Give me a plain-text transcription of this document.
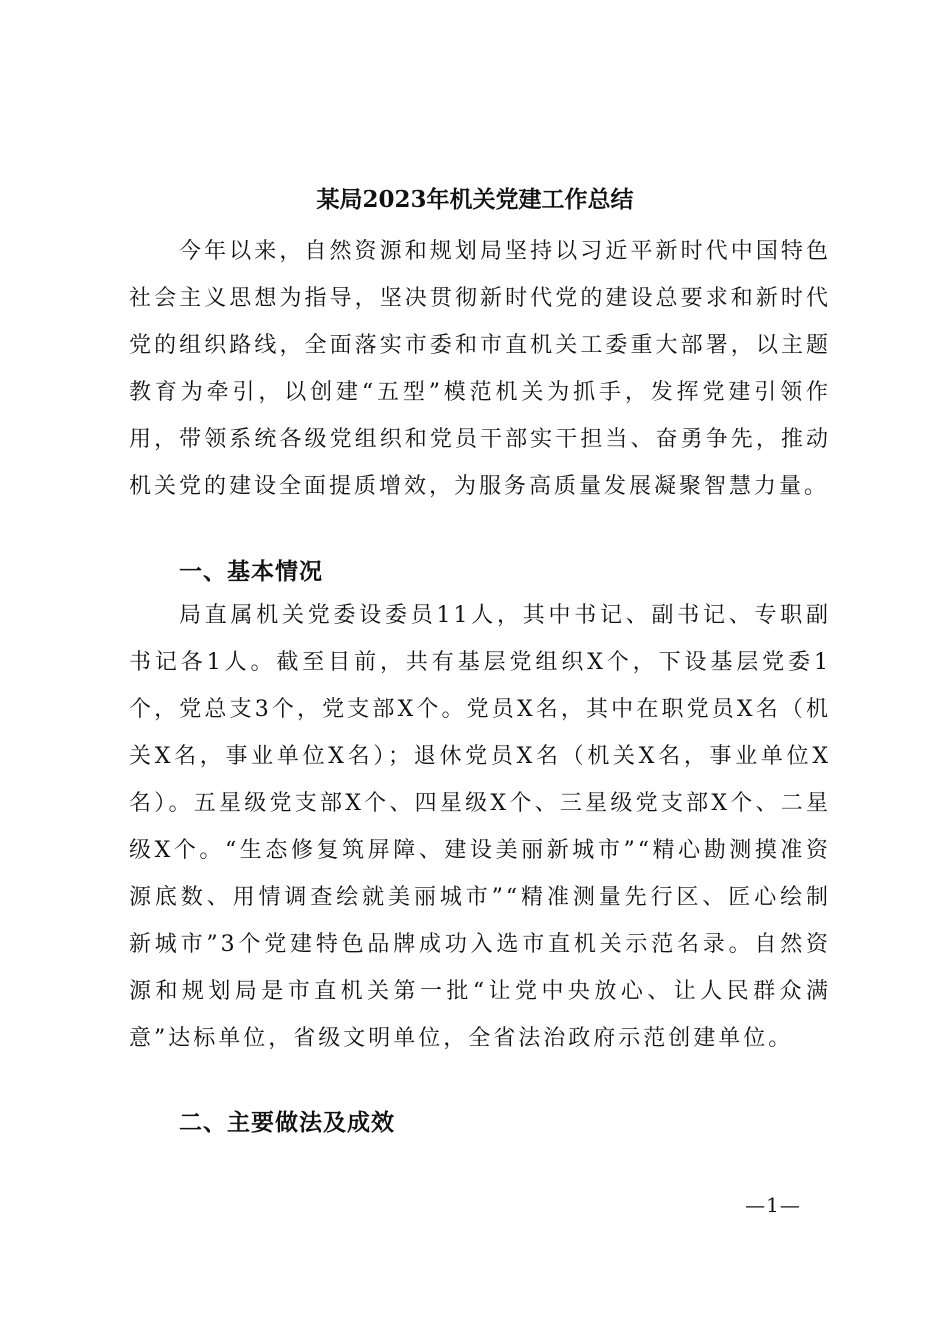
某局2023年机关党建工作总结
今年以来，自然资源和规划局坚持以习近平新时代中国特色社会主义思想为指导，坚决贯彻新时代党的建设总要求和新时代党的组织路线，全面落实市委和市直机关工委重大部署，以主题教育为牵引，以创建“五型”模范机关为抓手，发挥党建引领作用，带领系统各级党组织和党员干部实干担当、奋勇争先，推动机关党的建设全面提质增效，为服务高质量发展凝聚智慧力量。
一、基本情况
局直属机关党委设委员11人，其中书记、副书记、专职副书记各1人。截至目前，共有基层党组织X个，下设基层党委1个，党总支3个，党支部X个。党员X名，其中在职党员X名（机关X名，事业单位X名）；退休党员X名（机关X名，事业单位X名）。五星级党支部X个、四星级X个、三星级党支部X个、二星级X个。“生态修复筑屏障、建设美丽新城市”“精心勘测摸准资源底数、用情调查绘就美丽城市”“精准测量先行区、匠心绘制新城市”3个党建特色品牌成功入选市直机关示范名录。自然资源和规划局是市直机关第一批“让党中央放心、让人民群众满意”达标单位，省级文明单位，全省法治政府示范创建单位。
二、主要做法及成效
—1—
